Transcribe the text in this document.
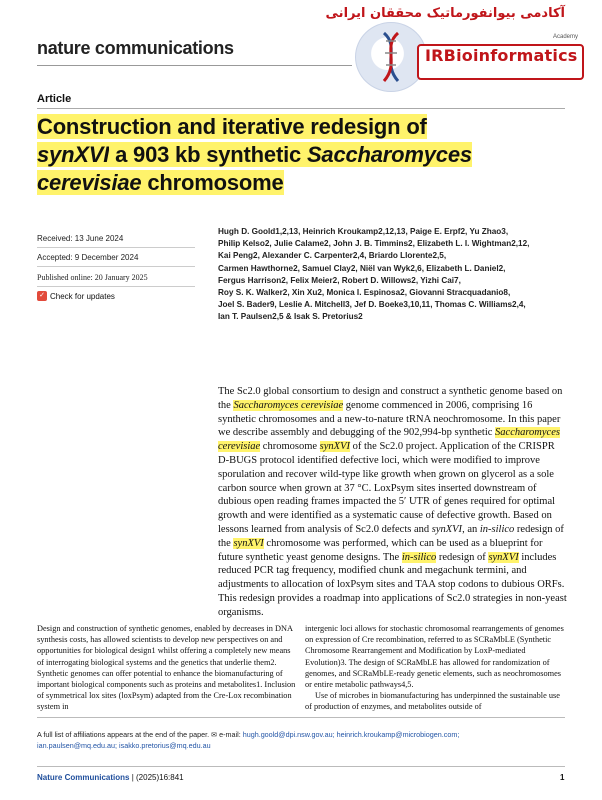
آکادمی بیوانفورماتیک محققان ایرانی
IRBioinformatics
Academy
nature communications
Article
Construction and iterative redesign of
synXVI a 903 kb synthetic Saccharomyces
cerevisiae chromosome
Received: 13 June 2024
Accepted: 9 December 2024
Published online: 20 January 2025
✓ Check for updates
Hugh D. Goold1,2,13, Heinrich Kroukamp2,12,13, Paige E. Erpf2, Yu Zhao3,
Philip Kelso2, Julie Calame2, John J. B. Timmins2, Elizabeth L. I. Wightman2,12,
Kai Peng2, Alexander C. Carpenter2,4, Briardo Llorente2,5,
Carmen Hawthorne2, Samuel Clay2, Niël van Wyk2,6, Elizabeth L. Daniel2,
Fergus Harrison2, Felix Meier2, Robert D. Willows2, Yizhi Cai7,
Roy S. K. Walker2, Xin Xu2, Monica I. Espinosa2, Giovanni Stracquadanio8,
Joel S. Bader9, Leslie A. Mitchell3, Jef D. Boeke3,10,11, Thomas C. Williams2,4,
Ian T. Paulsen2,5 & Isak S. Pretorius2
The Sc2.0 global consortium to design and construct a synthetic genome based on the Saccharomyces cerevisiae genome commenced in 2006, comprising 16 synthetic chromosomes and a new-to-nature tRNA neochromosome. In this paper we describe assembly and debugging of the 902,994-bp synthetic Saccharomyces cerevisiae chromosome synXVI of the Sc2.0 project. Application of the CRISPR D-BUGS protocol identified defective loci, which were modified to improve sporulation and recover wild-type like growth when grown on glycerol as a sole carbon source when grown at 37 °C. LoxPsym sites inserted downstream of dubious open reading frames impacted the 5′ UTR of genes required for optimal growth and were identified as a systematic cause of defective growth. Based on lessons learned from analysis of Sc2.0 defects and synXVI, an in-silico redesign of the synXVI chromosome was performed, which can be used as a blueprint for future synthetic yeast genome designs. The in-silico redesign of synXVI includes reduced PCR tag frequency, modified chunk and megachunk termini, and adjustments to allocation of loxPsym sites and TAA stop codons to dubious ORFs. This redesign provides a roadmap into applications of Sc2.0 strategies in non-yeast organisms.
Design and construction of synthetic genomes, enabled by decreases in DNA synthesis costs, has allowed scientists to develop new perspectives on and opportunities for biological design1 whilst offering a completely new means of interrogating biological systems and the genetics that underlie them2. Synthetic genomes can offer potential to enhance the biomanufacturing of important biological components such as proteins and metabolites1. Inclusion of symmetrical lox sites (loxPsym) adapted from the Cre-Lox recombination system in
intergenic loci allows for stochastic chromosomal rearrangements of genomes on expression of Cre recombination, referred to as SCRaMbLE (Synthetic Chromosome Rearrangement and Modification by LoxP-mediated Evolution)3. The design of SCRaMbLE has allowed for randomization of genomes, and SCRaMbLE-ready genetic elements, such as neochromosomes or entire metabolic pathways4,5.
Use of microbes in biomanufacturing has underpinned the sustainable use of production of enzymes, and metabolites outside of
A full list of affiliations appears at the end of the paper. ✉ e-mail: hugh.goold@dpi.nsw.gov.au; heinrich.kroukamp@microbiogen.com;
ian.paulsen@mq.edu.au; isakko.pretorius@mq.edu.au
Nature Communications | (2025)16:841	1
